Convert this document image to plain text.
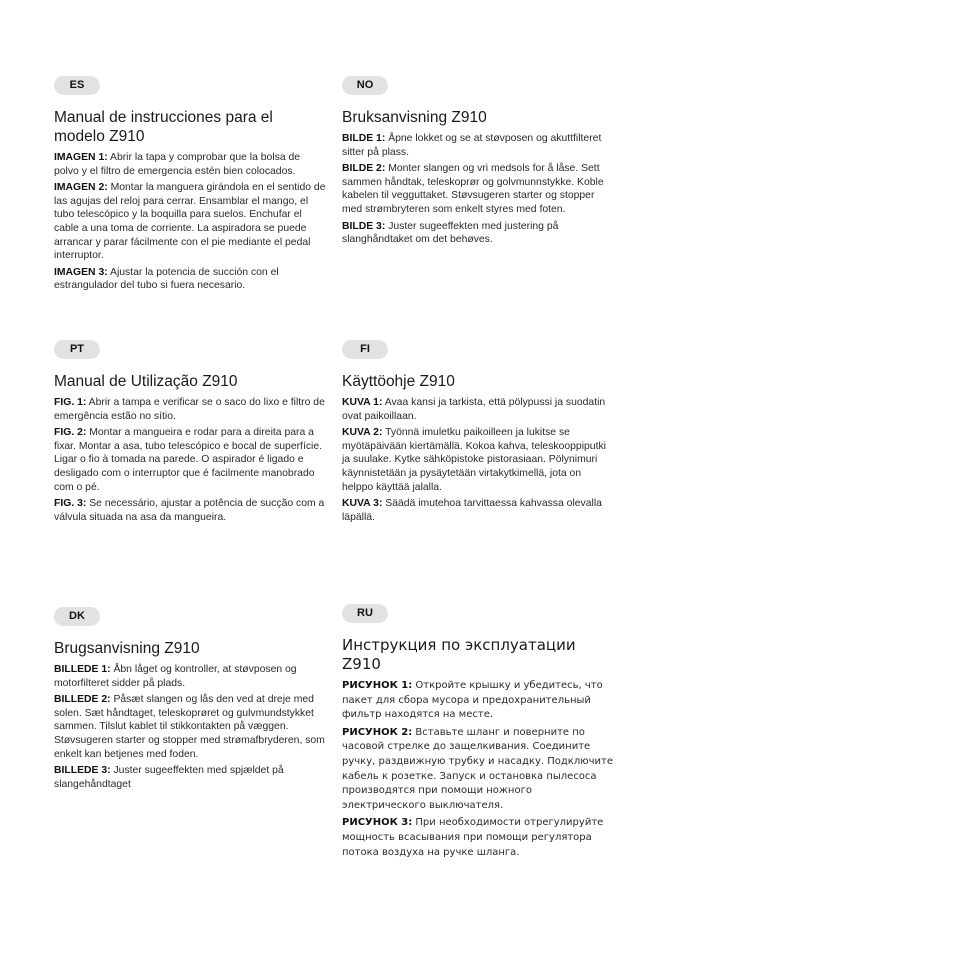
ES
Manual de instrucciones para el modelo Z910

IMAGEN 1: Abrir la tapa y comprobar que la bolsa de polvo y el filtro de emergencia estén bien colocados.

IMAGEN 2: Montar la manguera girándola en el sentido de las agujas del reloj para cerrar. Ensamblar el mango, el tubo telescópico y la boquilla para suelos. Enchufar el cable a una toma de corriente. La aspiradora se puede arrancar y parar fácilmente con el pie mediante el pedal interruptor.

IMAGEN 3: Ajustar la potencia de succión con el estrangulador del tubo si fuera necesario.

NO
Bruksanvisning Z910

BILDE 1: Åpne lokket og se at støvposen og akuttfilteret sitter på plass.

BILDE 2: Monter slangen og vri medsols for å låse. Sett sammen håndtak, teleskoprør og golvmunnstykke. Koble kabelen til vegguttaket. Støvsugeren starter og stopper med strømbryteren som enkelt styres med foten.

BILDE 3: Juster sugeeffekten med justering på slanghåndtaket om det behøves.

PT
Manual de Utilização Z910

FIG. 1: Abrir a tampa e verificar se o saco do lixo e filtro de emergência estão no sítio.

FIG. 2: Montar a mangueira e rodar para a direita para a fixar. Montar a asa, tubo telescópico e bocal de superfície. Ligar o fio à tomada na parede. O aspirador é ligado e desligado com o interruptor que é facilmente manobrado com o pé.

FIG. 3: Se necessário, ajustar a potência de sucção com a válvula situada na asa da mangueira.

FI
Käyttöohje Z910

KUVA 1: Avaa kansi ja tarkista, että pölypussi ja suodatin ovat paikoillaan.

KUVA 2: Työnnä imuletku paikoilleen ja lukitse se myötäpäivään kiertämällä. Kokoa kahva, teleskooppiputki ja suulake. Kytke sähköpistoke pistorasiaan. Pölynimuri käynnistetään ja pysäytetään virtakytkimellä, jota on helppo käyttää jalalla.

KUVA 3: Säädä imutehoa tarvittaessa kahvassa olevalla läpällä.

DK
Brugsanvisning Z910

BILLEDE 1: Åbn låget og kontroller, at støvposen og motorfilteret sidder på plads.

BILLEDE 2: Påsæt slangen og lås den ved at dreje med solen. Sæt håndtaget, teleskoprøret og gulvmundstykket sammen. Tilslut kablet til stikkontakten på væggen. Støvsugeren starter og stopper med strømafbryderen, som enkelt kan betjenes med foden.

BILLEDE 3: Juster sugeeffekten med spjældet på slangehåndtaget

RU
Инструкция по эксплуатации Z910

РИСУНОК 1: Откройте крышку и убедитесь, что пакет для сбора мусора и предохранительный фильтр находятся на месте.

РИСУНОК 2: Вставьте шланг и поверните по часовой стрелке до защелкивания. Соедините ручку, раздвижную трубку и насадку. Подключите кабель к розетке. Запуск и остановка пылесоса производятся при помощи ножного электрического выключателя.

РИСУНОК 3: При необходимости отрегулируйте мощность всасывания при помощи регулятора потока воздуха на ручке шланга.
